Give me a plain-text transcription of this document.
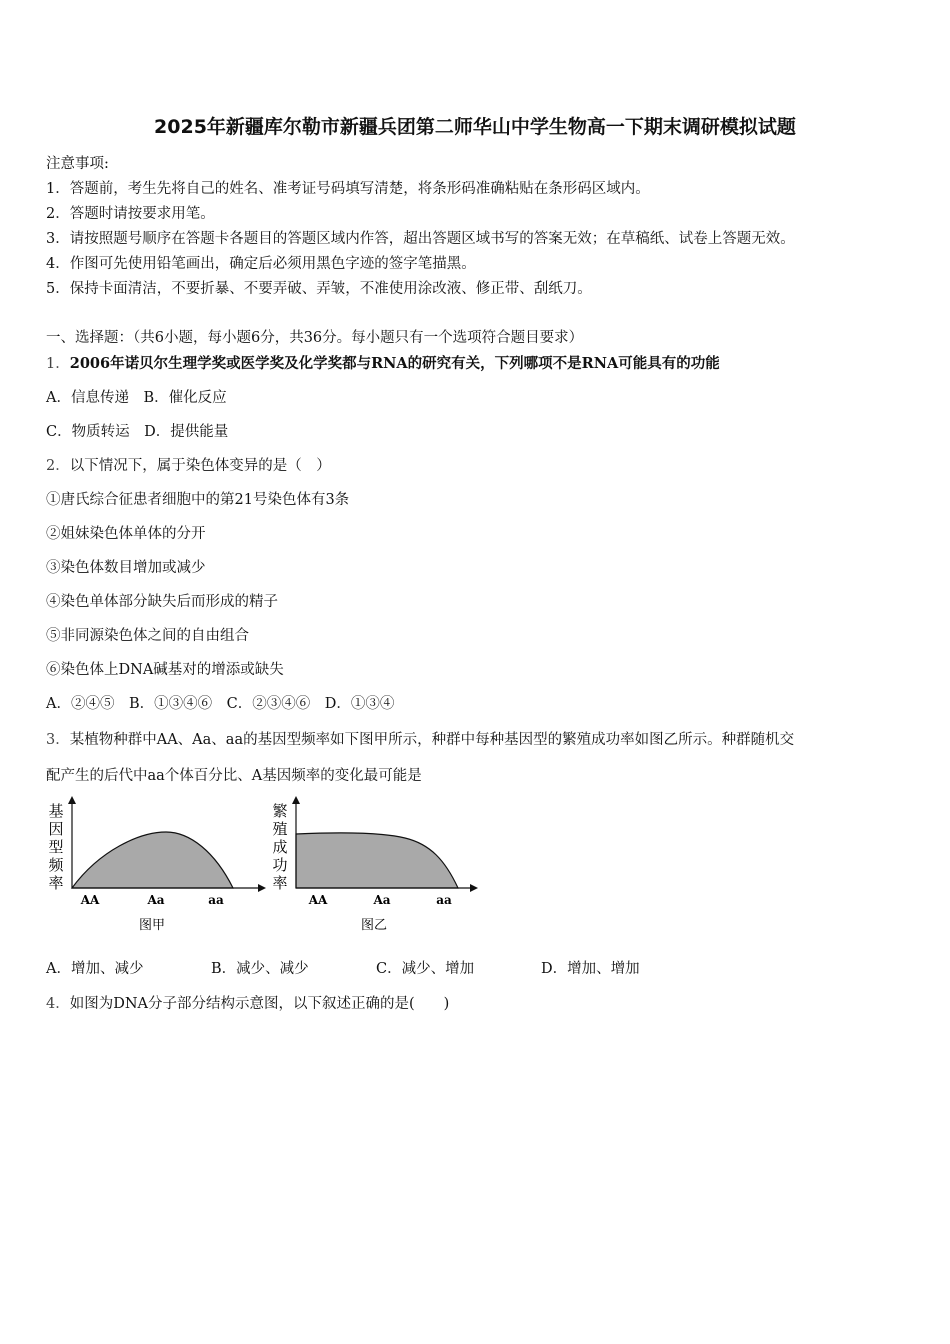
2025年新疆库尔勒市新疆兵团第二师华山中学生物高一下期末调研模拟试题
注意事项:
1．答题前，考生先将自己的姓名、准考证号码填写清楚，将条形码准确粘贴在条形码区域内。
2．答题时请按要求用笔。
3．请按照题号顺序在答题卡各题目的答题区域内作答，超出答题区域书写的答案无效；在草稿纸、试卷上答题无效。
4．作图可先使用铅笔画出，确定后必须用黑色字迹的签字笔描黑。
5．保持卡面清洁，不要折暴、不要弄破、弄皱，不准使用涂改液、修正带、刮纸刀。
一、选择题：（共6小题，每小题6分，共36分。每小题只有一个选项符合题目要求）
1．2006年诺贝尔生理学奖或医学奖及化学奖都与RNA的研究有关，下列哪项不是RNA可能具有的功能
A．信息传递　B．催化反应
C．物质转运　D．提供能量
2．以下情况下，属于染色体变异的是（　）
①唐氏综合征患者细胞中的第21号染色体有3条
②姐妹染色体单体的分开
③染色体数目增加或减少
④染色单体部分缺失后而形成的精子
⑤非同源染色体之间的自由组合
⑥染色体上DNA碱基对的增添或缺失
A．②④⑤　B．①③④⑥　C．②③④⑥　D．①③④
3．某植物种群中AA、Aa、aa的基因型频率如下图甲所示，种群中每种基因型的繁殖成功率如图乙所示。种群随机交
配产生的后代中aa个体百分比、A基因频率的变化最可能是
基
因
型
频
率
AA	Aa	aa
图甲
繁
殖
成
功
率
AA	Aa	aa
图乙
A．增加、减少	B．减少、减少	C．减少、增加	D．增加、增加
4．如图为DNA分子部分结构示意图，以下叙述正确的是(　　)
